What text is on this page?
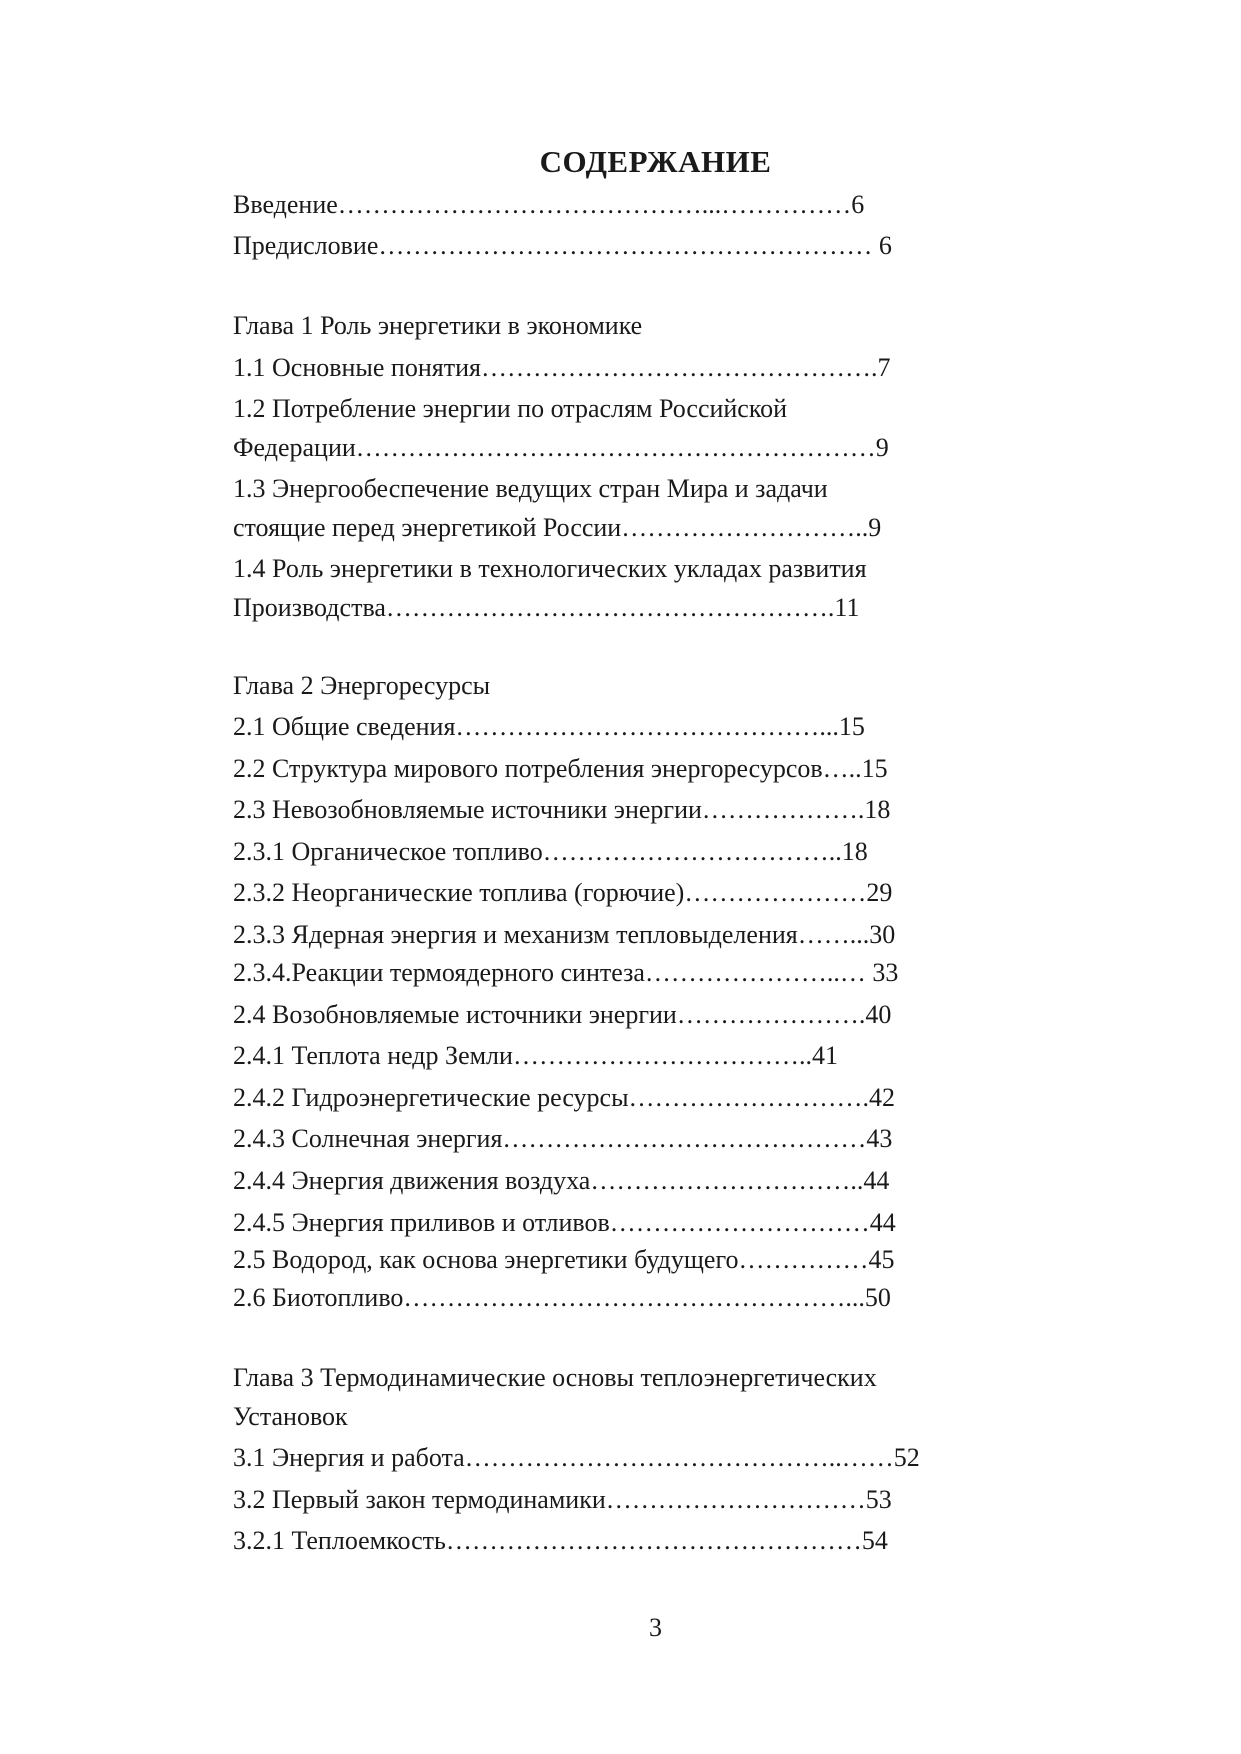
СОДЕРЖАНИЕ
Введение……………………………………...……………6
Предисловие………………………………………………… 6
Глава 1 Роль энергетики в экономике
1.1 Основные понятия……………………………………….7
1.2 Потребление энергии по отраслям Российской
Федерации……………………………………………………9
1.3 Энергообеспечение ведущих стран Мира и задачи
стоящие перед энергетикой России………………………..9
1.4 Роль энергетики в технологических укладах развития
Производства…………………………………………….11
Глава 2 Энергоресурсы
2.1 Общие сведения……………………………………...15
2.2 Структура мирового потребления энергоресурсов…..15
2.3 Невозобновляемые источники энергии……………….18
2.3.1 Органическое топливо……………………………..18
2.3.2 Неорганические топлива (горючие)…………………29
2.3.3 Ядерная энергия и механизм тепловыделения……...30
2.3.4.Реакции термоядерного синтеза…………………..… 33
2.4 Возобновляемые источники энергии………………….40
2.4.1 Теплота недр Земли……………………………..41
2.4.2 Гидроэнергетические ресурсы……………………….42
2.4.3 Солнечная энергия……………………………………43
2.4.4 Энергия движения воздуха…………………………..44
2.4.5 Энергия приливов и отливов…………………………44
2.5 Водород, как основа энергетики будущего……………45
2.6 Биотопливо……………………………………………...50
Глава 3 Термодинамические основы теплоэнергетических
Установок
3.1 Энергия и работа……………………………………..……52
3.2 Первый закон термодинамики…………………………53
3.2.1 Теплоемкость…………………………………………54
3
